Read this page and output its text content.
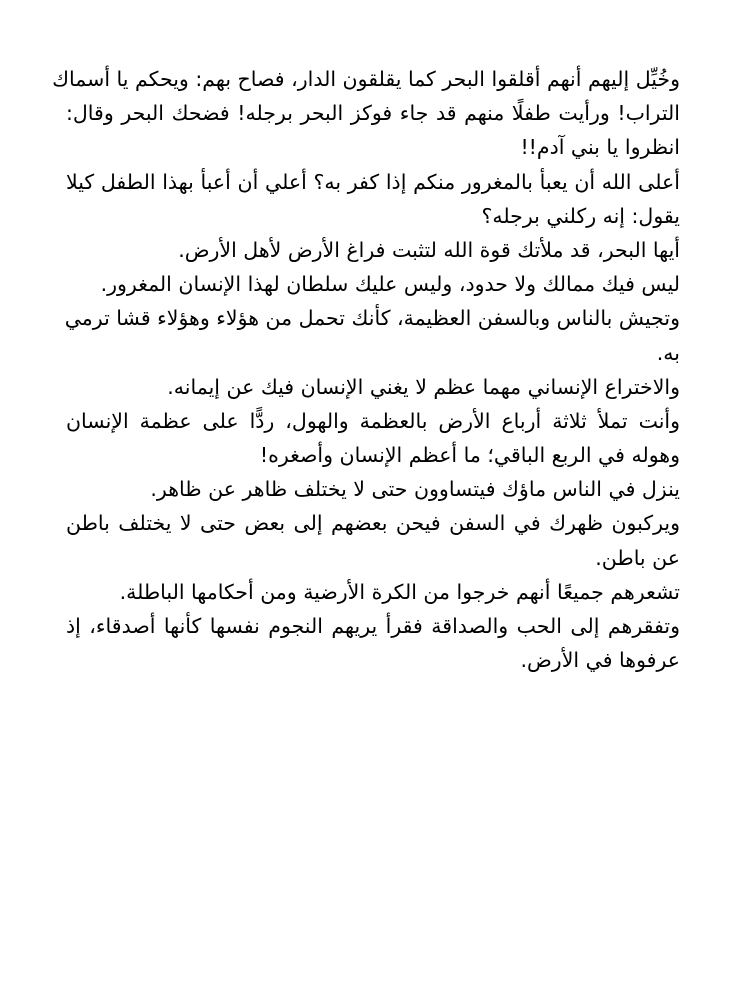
وخُيِّل إليهم أنهم أقلقوا البحر كما يقلقون الدار، فصاح بهم: ويحكم يا أسماك
التراب! ورأيت طفلًا منهم قد جاء فوكز البحر برجله! فضحك البحر وقال:
انظروا يا بني آدم!!
أعلى الله أن يعبأ بالمغرور منكم إذا كفر به؟ أعلي أن أعبأ بهذا الطفل كيلا
يقول: إنه ركلني برجله؟
أيها البحر، قد ملأتك قوة الله لتثبت فراغ الأرض لأهل الأرض.
ليس فيك ممالك ولا حدود، وليس عليك سلطان لهذا الإنسان المغرور.
وتجيش بالناس وبالسفن العظيمة، كأنك تحمل من هؤلاء وهؤلاء قشا ترمي
به.
والاختراع الإنساني مهما عظم لا يغني الإنسان فيك عن إيمانه.
وأنت تملأ ثلاثة أرباع الأرض بالعظمة والهول، ردًّا على عظمة الإنسان
وهوله في الربع الباقي؛ ما أعظم الإنسان وأصغره!
ينزل في الناس ماؤك فيتساوون حتى لا يختلف ظاهر عن ظاهر.
ويركبون ظهرك في السفن فيحن بعضهم إلى بعض حتى لا يختلف باطن
عن باطن.
تشعرهم جميعًا أنهم خرجوا من الكرة الأرضية ومن أحكامها الباطلة.
وتفقرهم إلى الحب والصداقة فقرأ يريهم النجوم نفسها كأنها أصدقاء، إذ
عرفوها في الأرض.
